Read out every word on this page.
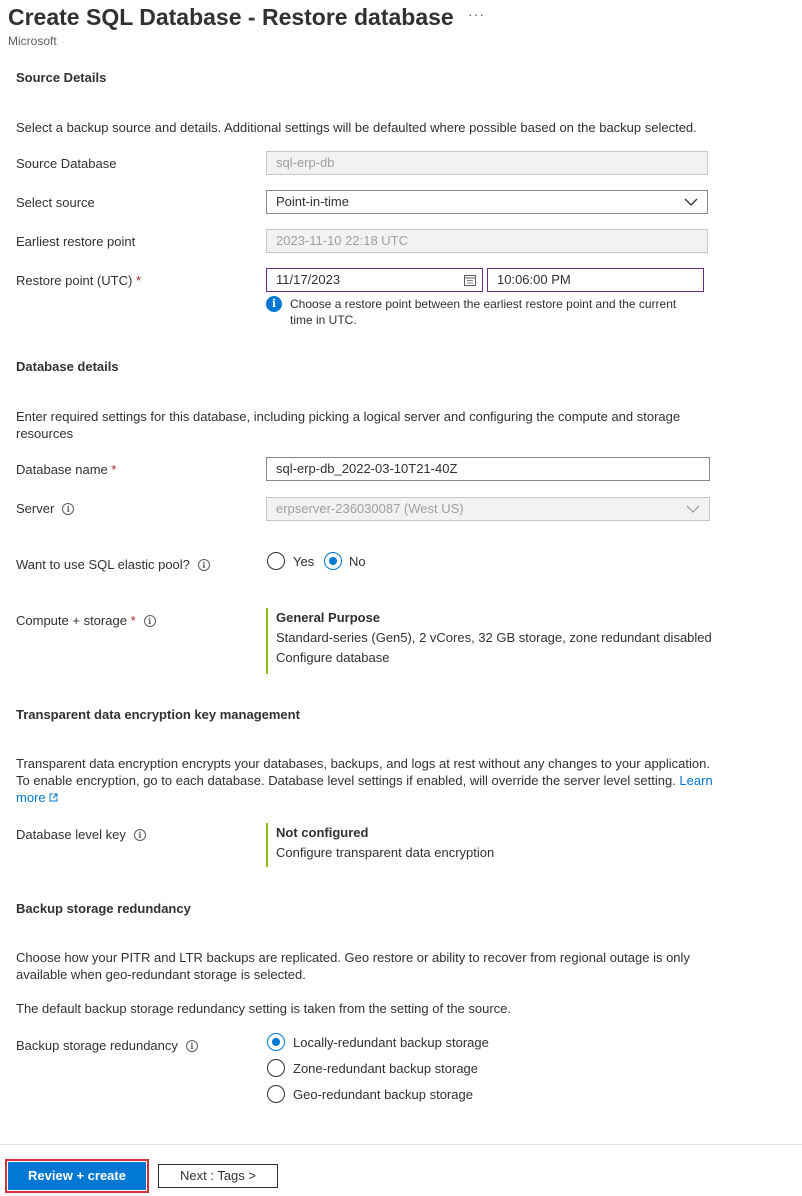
Create SQL Database - Restore database ···
Microsoft
Source Details
Select a backup source and details. Additional settings will be defaulted where possible based on the backup selected.
Source Database	sql-erp-db
Select source	Point-in-time
Earliest restore point	2023-11-10 22:18 UTC
Restore point (UTC) *	11/17/2023	10:06:00 PM
i	Choose a restore point between the earliest restore point and the current time in UTC.
Database details
Enter required settings for this database, including picking a logical server and configuring the compute and storage resources
Database name *	sql-erp-db_2022-03-10T21-40Z
Server i	erpserver-236030087 (West US)
Want to use SQL elastic pool? i	Yes	No
Compute + storage * i	General Purpose
Standard-series (Gen5), 2 vCores, 32 GB storage, zone redundant disabled
Configure database
Transparent data encryption key management
Transparent data encryption encrypts your databases, backups, and logs at rest without any changes to your application. To enable encryption, go to each database. Database level settings if enabled, will override the server level setting. Learn more
Database level key i	Not configured
Configure transparent data encryption
Backup storage redundancy
Choose how your PITR and LTR backups are replicated. Geo restore or ability to recover from regional outage is only available when geo-redundant storage is selected.
The default backup storage redundancy setting is taken from the setting of the source.
Backup storage redundancy i	Locally-redundant backup storage
Zone-redundant backup storage
Geo-redundant backup storage
Review + create	Next : Tags >
